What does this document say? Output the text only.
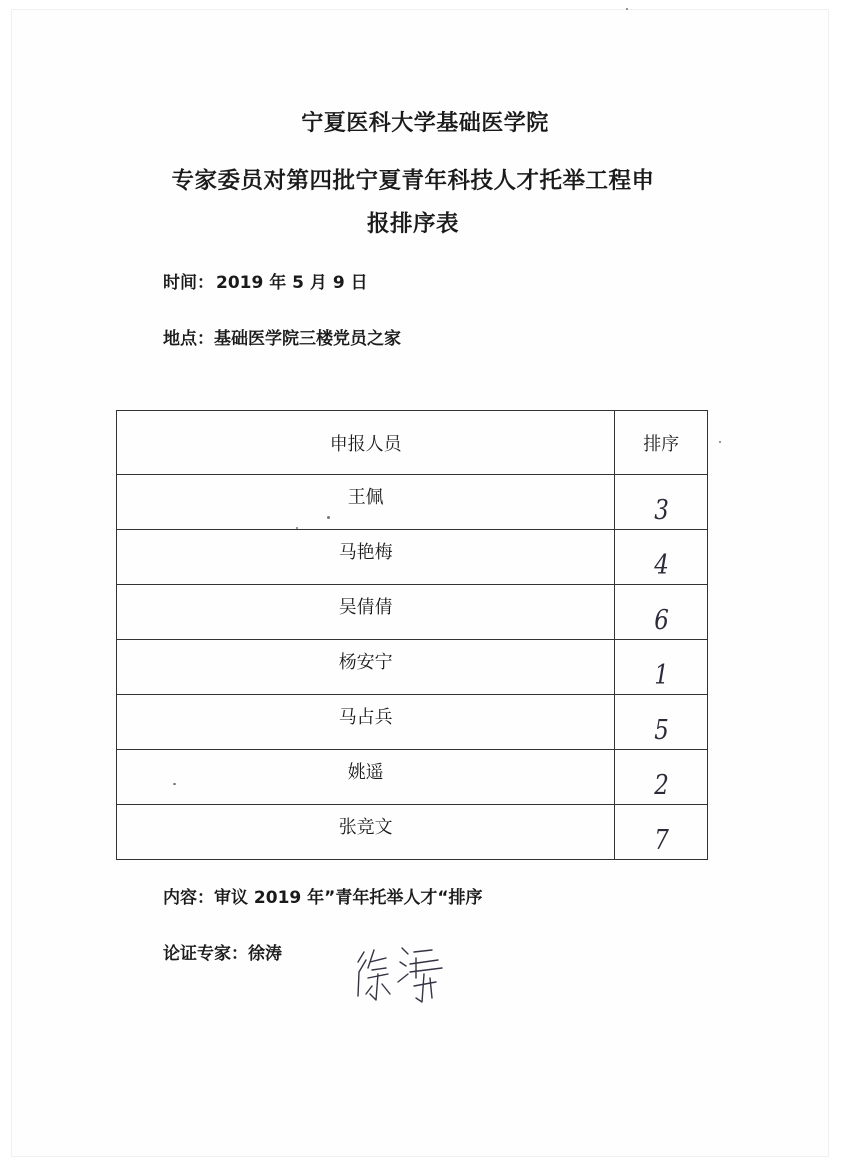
宁夏医科大学基础医学院
专家委员对第四批宁夏青年科技人才托举工程申
报排序表
时间： 2019 年 5 月 9 日
地点：基础医学院三楼党员之家
申报人员	排序
王佩	3
马艳梅	4
吴倩倩	6
杨安宁	1
马占兵	5
姚遥	2
张竞文	7
内容：审议 2019 年”青年托举人才“排序
论证专家：徐涛
